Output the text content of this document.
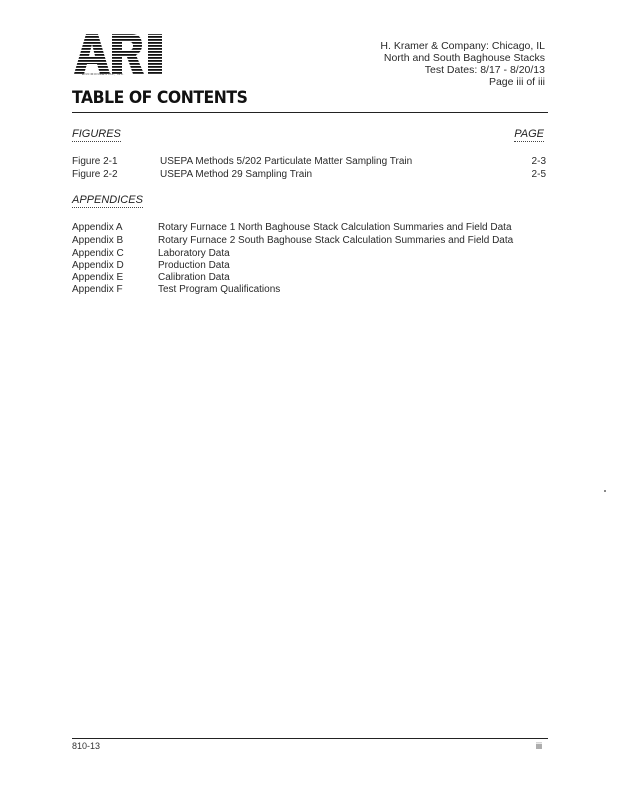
ENVIRONMENTAL, INC.
H. Kramer & Company: Chicago, IL
North and South Baghouse Stacks
Test Dates: 8/17 - 8/20/13
Page iii of iii
TABLE OF CONTENTS
FIGURES	PAGE
Figure 2-1	USEPA Methods 5/202 Particulate Matter Sampling Train	2-3
Figure 2-2	USEPA Method 29 Sampling Train	2-5
APPENDICES
Appendix A	Rotary Furnace 1 North Baghouse Stack Calculation Summaries and Field Data
Appendix B	Rotary Furnace 2 South Baghouse Stack Calculation Summaries and Field Data
Appendix C	Laboratory Data
Appendix D	Production Data
Appendix E	Calibration Data
Appendix F	Test Program Qualifications
810-13	iii
